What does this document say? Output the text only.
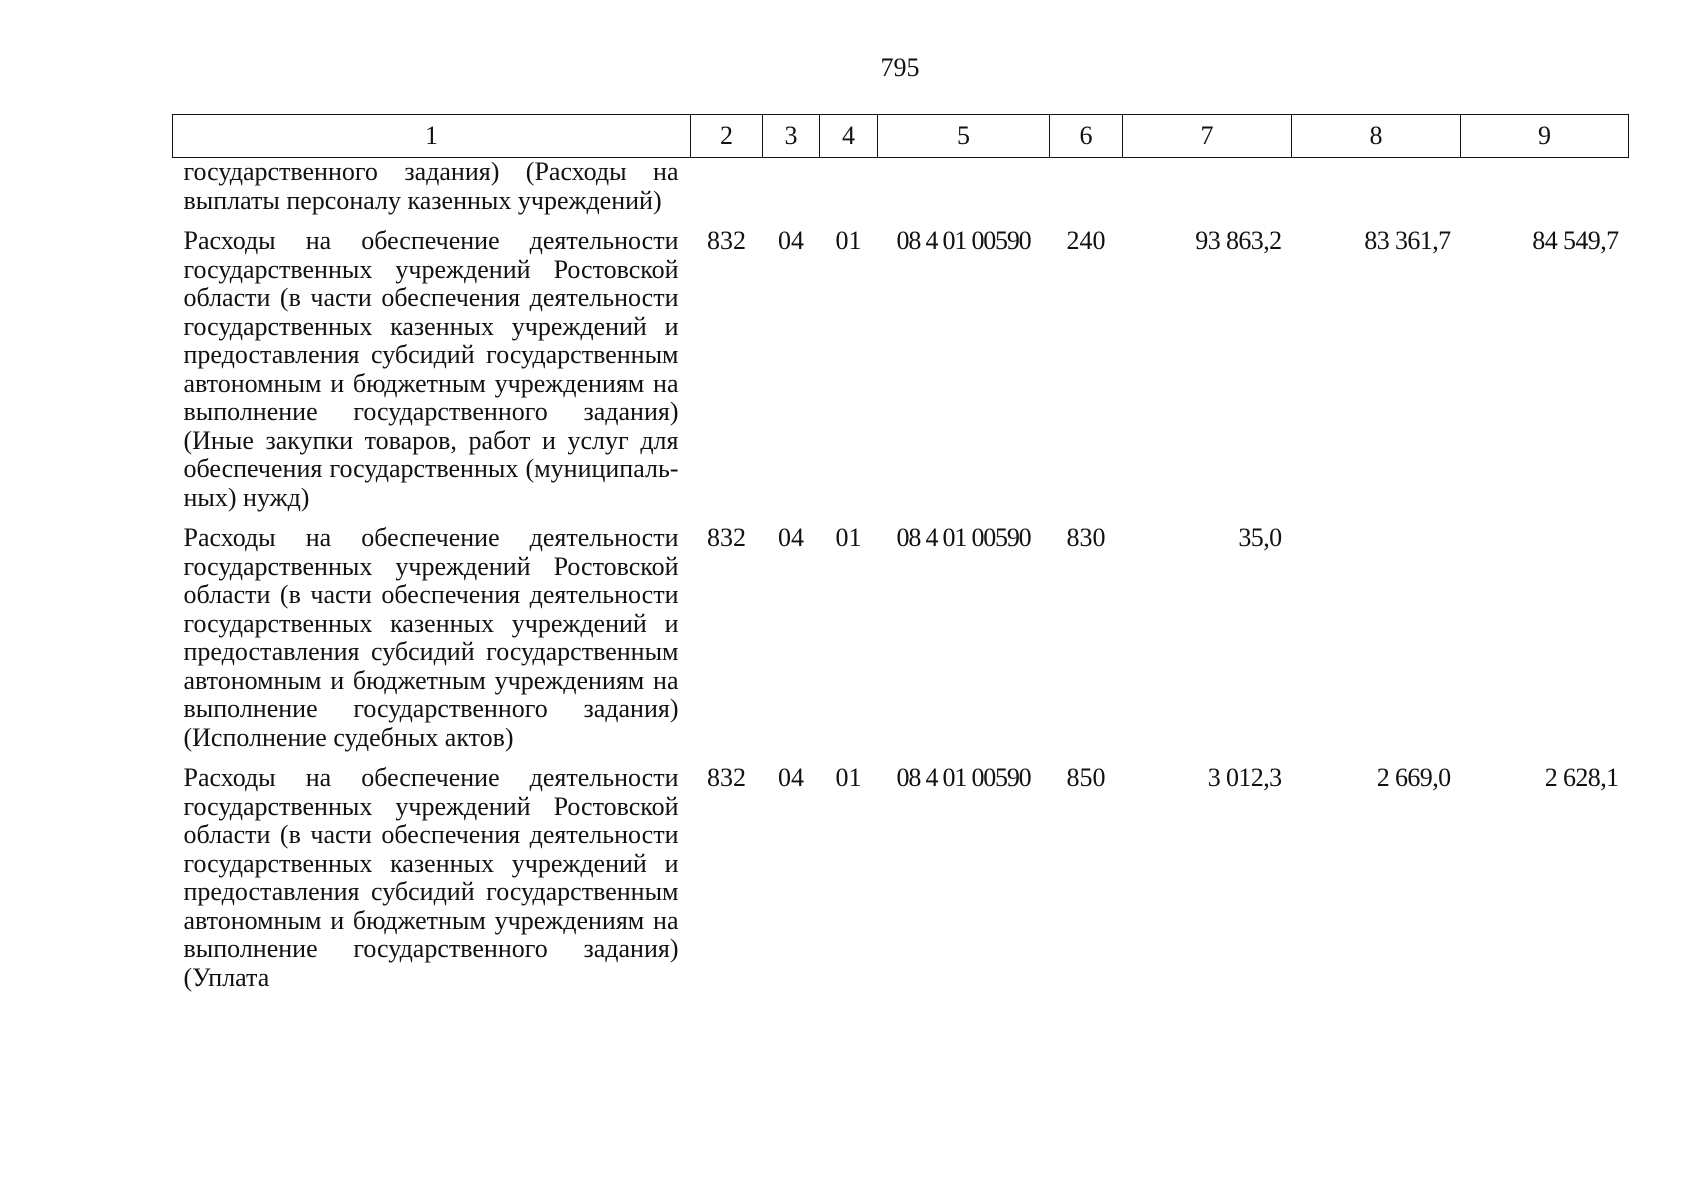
795
1	2	3	4	5	6	7	8	9
государственного задания) (Расходы на выплаты персоналу казенных учреждений)								
Расходы на обеспечение деятельности государственных учреждений Ростовской области (в части обеспечения деятельности государственных казенных учреждений и предоставления субсидий государственным автономным и бюджетным учреждениям на выполнение государственного задания) (Иные закупки товаров, работ и услуг для обеспечения государственных (муниципальных) нужд)	832	04	01	08 4 01 00590	240	93 863,2	83 361,7	84 549,7
Расходы на обеспечение деятельности государственных учреждений Ростовской области (в части обеспечения деятельности государственных казенных учреждений и предоставления субсидий государственным автономным и бюджетным учреждениям на выполнение государственного задания) (Исполнение судебных актов)	832	04	01	08 4 01 00590	830	35,0		
Расходы на обеспечение деятельности государственных учреждений Ростовской области (в части обеспечения деятельности государственных казенных учреждений и предоставления субсидий государственным автономным и бюджетным учреждениям на выполнение государственного задания) (Уплата	832	04	01	08 4 01 00590	850	3 012,3	2 669,0	2 628,1
